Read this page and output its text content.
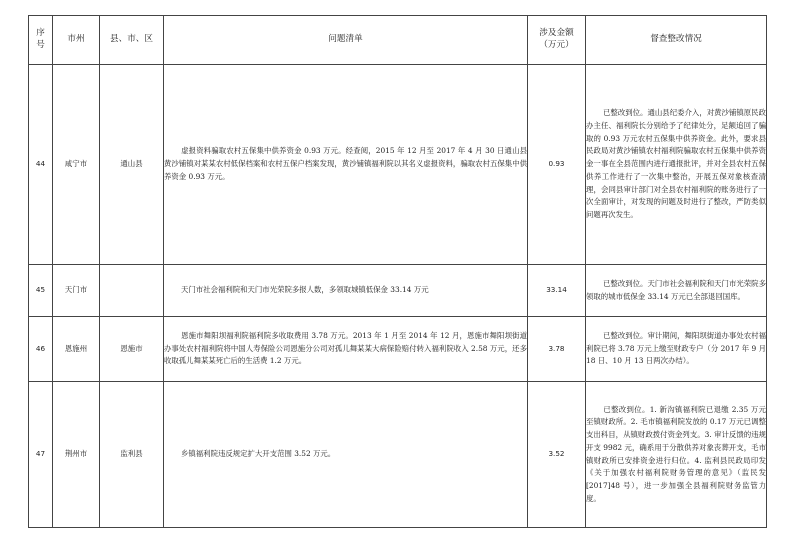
序号	市州	县、市、区	问题清单	涉及金额（万元）	督查整改情况
44	咸宁市	通山县	虚报资料骗取农村五保集中供养资金 0.93 万元。经查阅，2015 年 12 月至 2017 年 4 月 30 日通山县黄沙铺镇对某某农村低保档案和农村五保户档案发现，黄沙铺镇福利院以其名义虚报资料，骗取农村五保集中供养资金 0.93 万元。	0.93	已整改到位。通山县纪委介入，对黄沙铺镇原民政办主任、福利院长分别给予了纪律处分，足额追回了骗取的 0.93 万元农村五保集中供养资金。此外，要求县民政局对黄沙铺镇农村福利院骗取农村五保集中供养资金一事在全县范围内进行通报批评，并对全县农村五保供养工作进行了一次集中整治，开展五保对象核查清理，会同县审计部门对全县农村福利院的账务进行了一次全面审计，对发现的问题及时进行了整改，严防类似问题再次发生。
45	天门市		天门市社会福利院和天门市光荣院多报人数，多领取城镇低保金 33.14 万元	33.14	已整改到位。天门市社会福利院和天门市光荣院多领取的城市低保金 33.14 万元已全部退回国库。
46	恩施州	恩施市	恩施市舞阳坝福利院福利院多收取费用 3.78 万元。2013 年 1 月至 2014 年 12 月，恩施市舞阳坝街道办事处农村福利院将中国人寿保险公司恩施分公司对孤儿舞某某大病保险赔付转入福利院收入 2.58 万元，还多收取孤儿舞某某死亡后的生活费 1.2 万元。	3.78	已整改到位。审计期间，舞阳坝街道办事处农村福利院已将 3.78 万元上缴至财政专户（分 2017 年 9 月 18 日、10 月 13 日两次办结）。
47	荆州市	监利县	乡镇福利院违反规定扩大开支范围 3.52 万元。	3.52	已整改到位。1. 新沟镇福利院已退缴 2.35 万元至镇财政所。2. 毛市镇福利院发放的 0.17 万元已调整支出科目，从镇财政拨付资金列支。3. 审计反馈的违规开支 9982 元，确系用于分散供养对象丧葬开支，毛市镇财政所已安排资金进行归位。4. 监利县民政局印发《关于加强农村福利院财务管理的意见》（监民发 [2017]48 号），进一步加强全县福利院财务监管力度。
